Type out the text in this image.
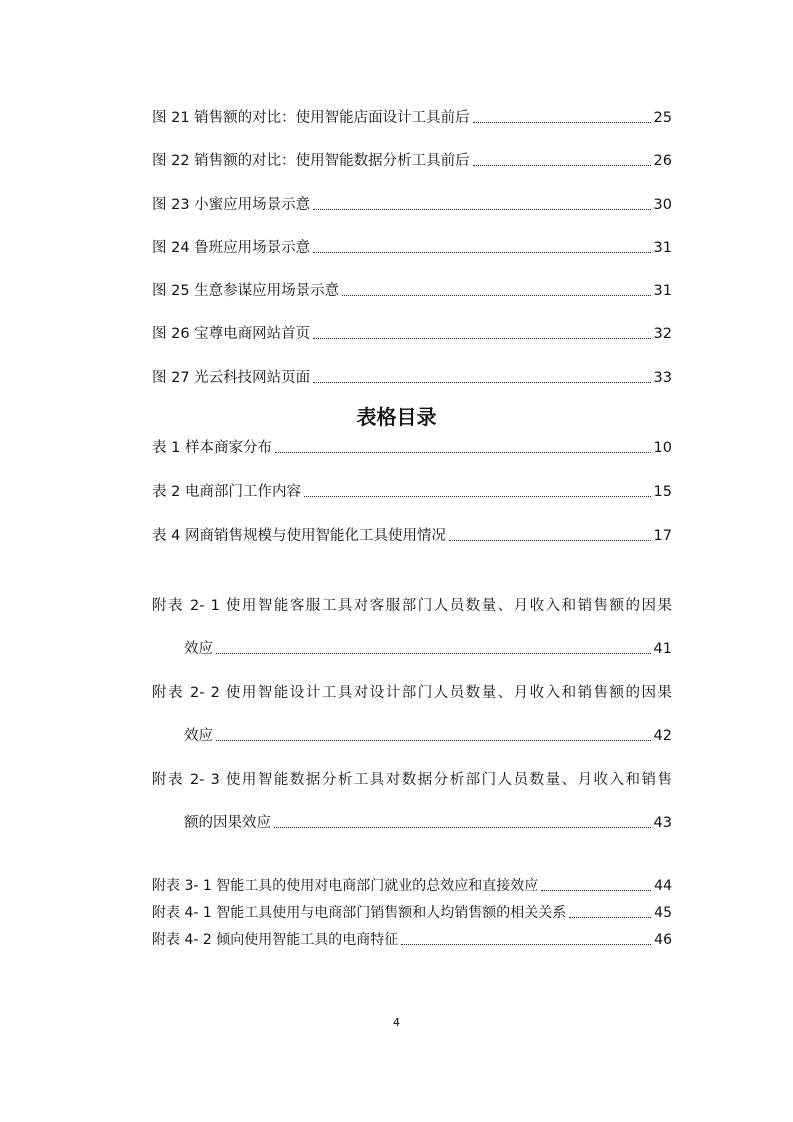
图 21 销售额的对比：使用智能店面设计工具前后	25
图 22 销售额的对比：使用智能数据分析工具前后	26
图 23 小蜜应用场景示意	30
图 24 鲁班应用场景示意	31
图 25 生意参谋应用场景示意	31
图 26 宝尊电商网站首页	32
图 27 光云科技网站页面	33
表格目录
表 1 样本商家分布	10
表 2 电商部门工作内容	15
表 4 网商销售规模与使用智能化工具使用情况	17
附表 2- 1 使用智能客服工具对客服部门人员数量、月收入和销售额的因果
效应	41
附表 2- 2 使用智能设计工具对设计部门人员数量、月收入和销售额的因果
效应	42
附表 2- 3 使用智能数据分析工具对数据分析部门人员数量、月收入和销售
额的因果效应	43
附表 3- 1 智能工具的使用对电商部门就业的总效应和直接效应	44
附表 4- 1 智能工具使用与电商部门销售额和人均销售额的相关关系	45
附表 4- 2 倾向使用智能工具的电商特征	46
4
